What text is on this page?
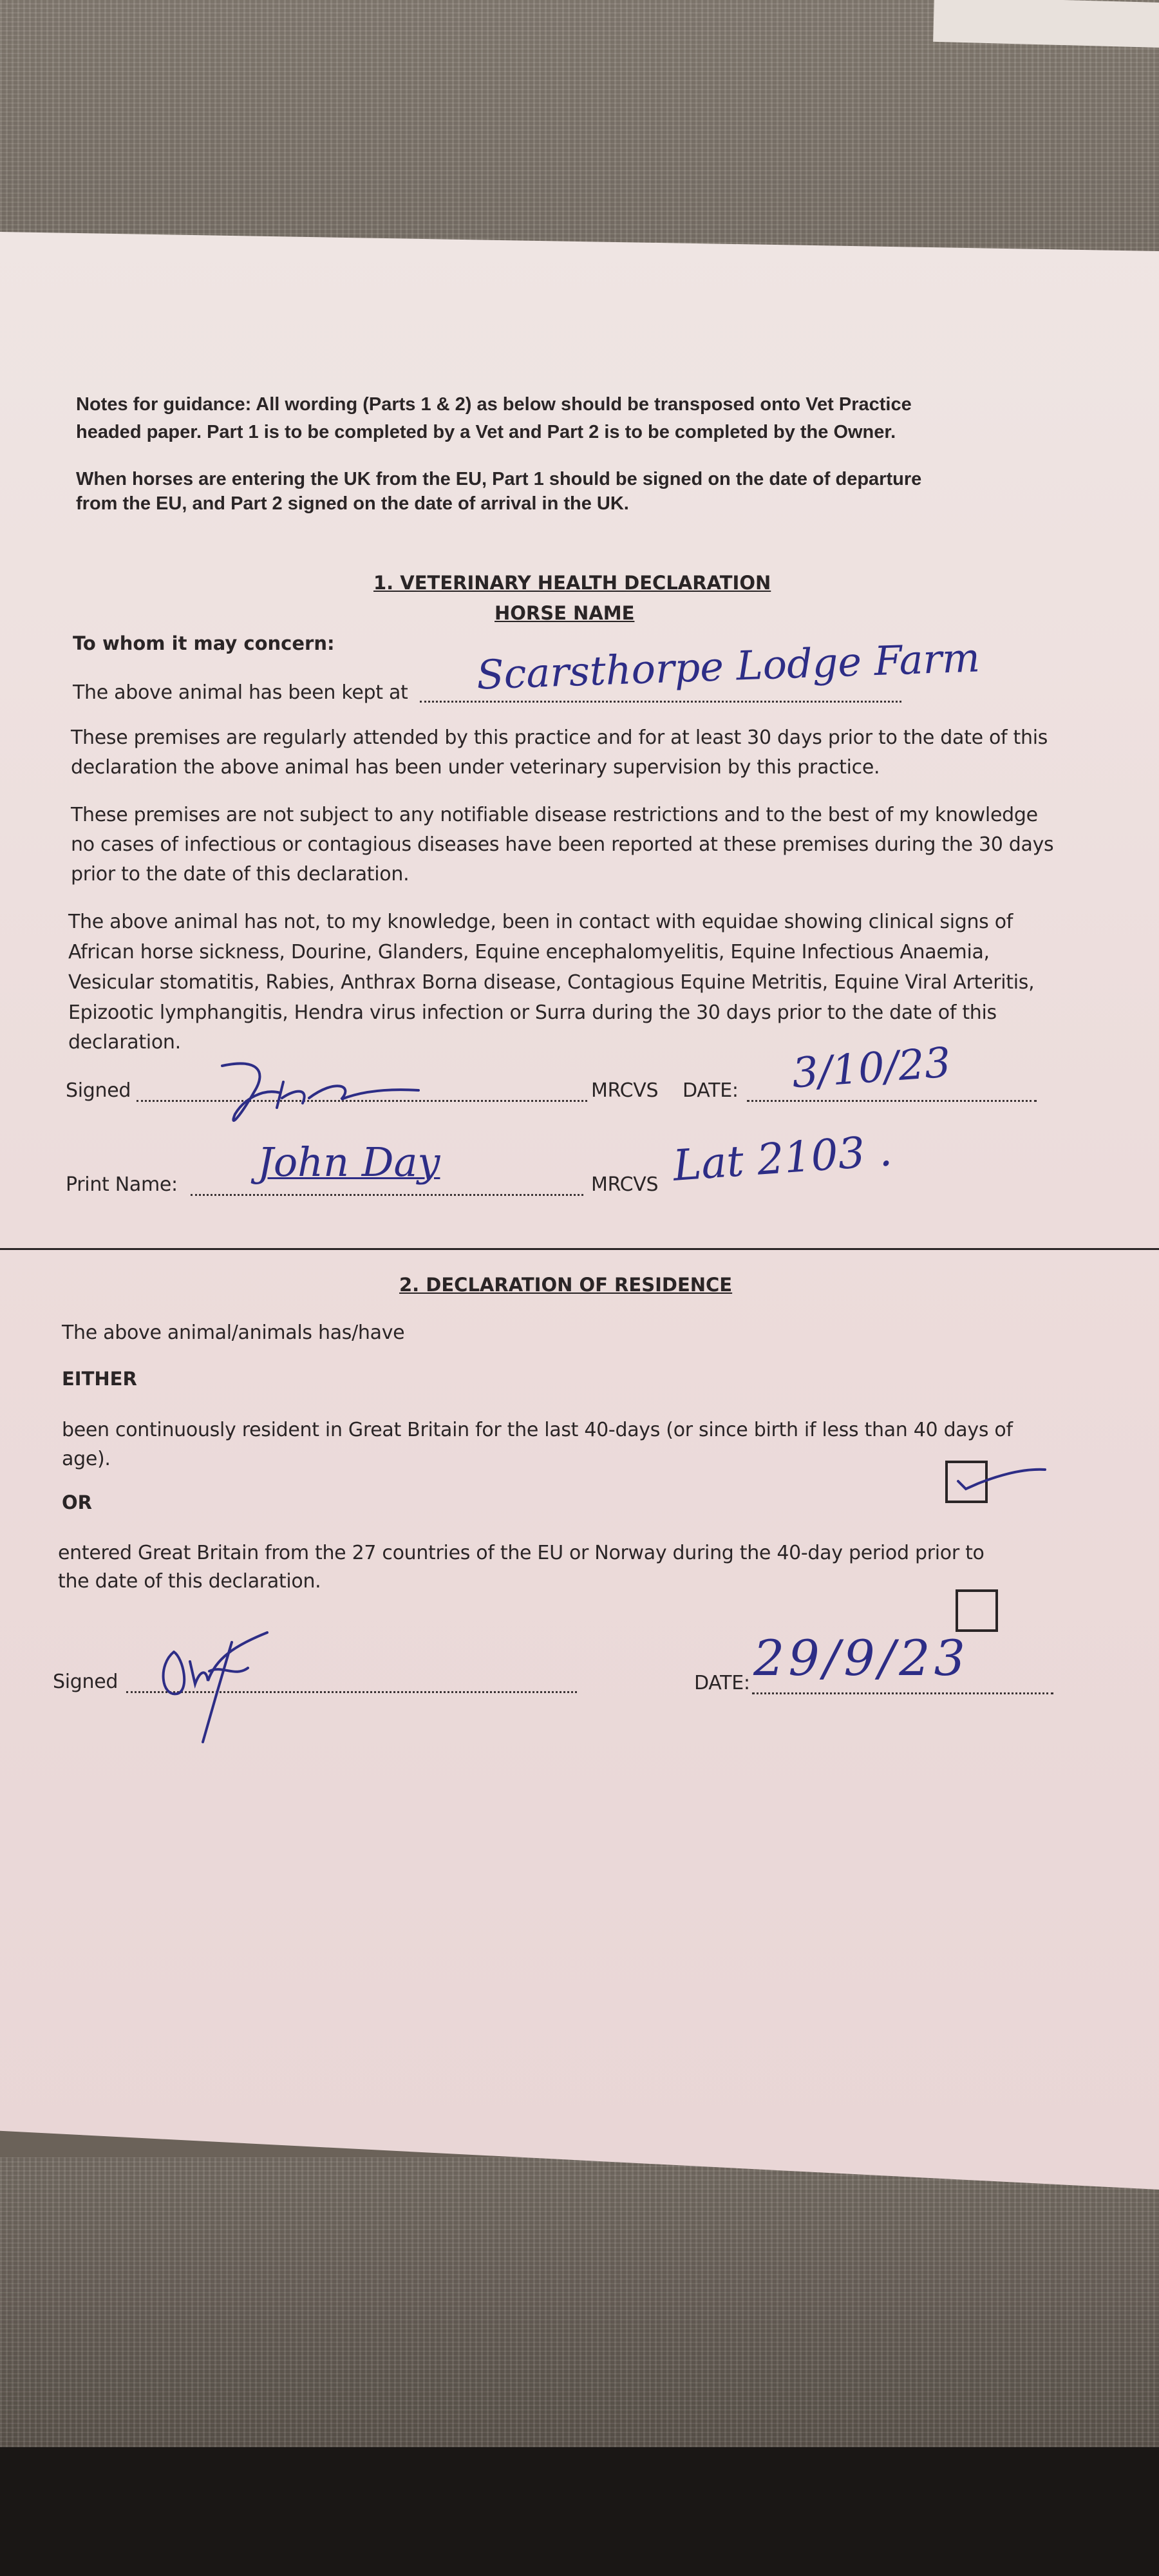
Notes for guidance: All wording (Parts 1 & 2) as below should be transposed onto Vet Practice
headed paper. Part 1 is to be completed by a Vet and Part 2 is to be completed by the Owner.
When horses are entering the UK from the EU, Part 1 should be signed on the date of departure
from the EU, and Part 2 signed on the date of arrival in the UK.
1. VETERINARY HEALTH DECLARATION
HORSE NAME
To whom it may concern:
The above animal has been kept at Scarsthorpe Lodge Farm
These premises are regularly attended by this practice and for at least 30 days prior to the date of this
declaration the above animal has been under veterinary supervision by this practice.
These premises are not subject to any notifiable disease restrictions and to the best of my knowledge
no cases of infectious or contagious diseases have been reported at these premises during the 30 days
prior to the date of this declaration.
The above animal has not, to my knowledge, been in contact with equidae showing clinical signs of
African horse sickness, Dourine, Glanders, Equine encephalomyelitis, Equine Infectious Anaemia,
Vesicular stomatitis, Rabies, Anthrax Borna disease, Contagious Equine Metritis, Equine Viral Arteritis,
Epizootic lymphangitis, Hendra virus infection or Surra during the 30 days prior to the date of this
declaration.
Signed	MRCVS DATE: 3/10/23
Print Name: John Day	MRCVS Lat 2103 .
2. DECLARATION OF RESIDENCE
The above animal/animals has/have
EITHER
been continuously resident in Great Britain for the last 40-days (or since birth if less than 40 days of
age).
OR
entered Great Britain from the 27 countries of the EU or Norway during the 40-day period prior to
the date of this declaration.
Signed	DATE: 29/9/23
